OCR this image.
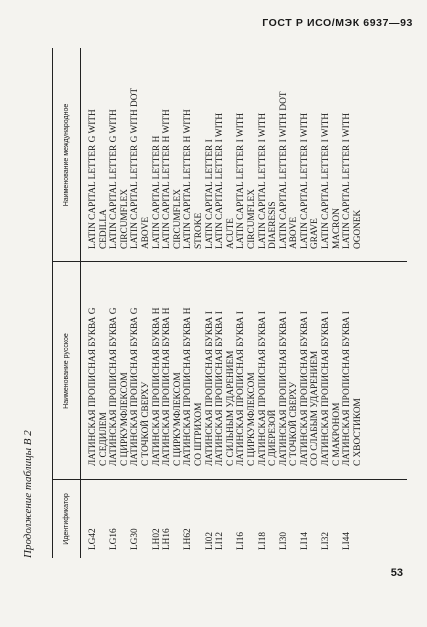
ГОСТ Р ИСО/МЭК 6937—93
Продолжение таблицы В 2	Идентификатор
Наименование русское
Наименование международное
LG42
ЛАТИНСКАЯ ПРОПИСНАЯ БУКВА G С СЕДИЛЕМ
LATIN CAPITAL LETTER G WITH CEDILLA
LG16
ЛАТИНСКАЯ ПРОПИСНАЯ БУКВА G С ЦИРКУМФЛЕКСОМ
LATIN CAPITAL LETTER G WITH CIRCUMFLEX
LG30
ЛАТИНСКАЯ ПРОПИСНАЯ БУКВА G С ТОЧКОЙ СВЕРХУ
LATIN CAPITAL LETTER G WITH DOT ABOVE
LH02
ЛАТИНСКАЯ ПРОПИСНАЯ БУКВА H
LATIN CAPITAL LETTER H
LH16
ЛАТИНСКАЯ ПРОПИСНАЯ БУКВА H С ЦИРКУМФЛЕКСОМ
LATIN CAPITAL LETTER H WITH CIRCUMFLEX
LH62
ЛАТИНСКАЯ ПРОПИСНАЯ БУКВА H СО ШТРИХОМ
LATIN CAPITAL LETTER H WITH STROKE
LI02
ЛАТИНСКАЯ ПРОПИСНАЯ БУКВА I
LATIN CAPITAL LETTER I
LI12
ЛАТИНСКАЯ ПРОПИСНАЯ БУКВА I С СИЛЬНЫМ УДАРЕНИЕМ
LATIN CAPITAL LETTER I WITH ACUTE
LI16
ЛАТИНСКАЯ ПРОПИСНАЯ БУКВА I С ЦИРКУМФЛЕКСОМ
LATIN CAPITAL LETTER I WITH CIRCUMFLEX
LI18
ЛАТИНСКАЯ ПРОПИСНАЯ БУКВА I С ДИЕРЕЗОЙ
LATIN CAPITAL LETTER I WITH DIAERESIS
LI30
ЛАТИНСКАЯ ПРОПИСНАЯ БУКВА I С ТОЧКОЙ СВЕРХУ
LATIN CAPITAL LETTER I WITH DOT ABOVE
LI14
ЛАТИНСКАЯ ПРОПИСНАЯ БУКВА I СО СЛАБЫМ УДАРЕНИЕМ
LATIN CAPITAL LETTER I WITH GRAVE
LI32
ЛАТИНСКАЯ ПРОПИСНАЯ БУКВА I С МАКРОНОМ
LATIN CAPITAL LETTER I WITH MACRON
LI44
ЛАТИНСКАЯ ПРОПИСНАЯ БУКВА I С ХВОСТИКОМ
LATIN CAPITAL LETTER I WITH OGONEK
53
